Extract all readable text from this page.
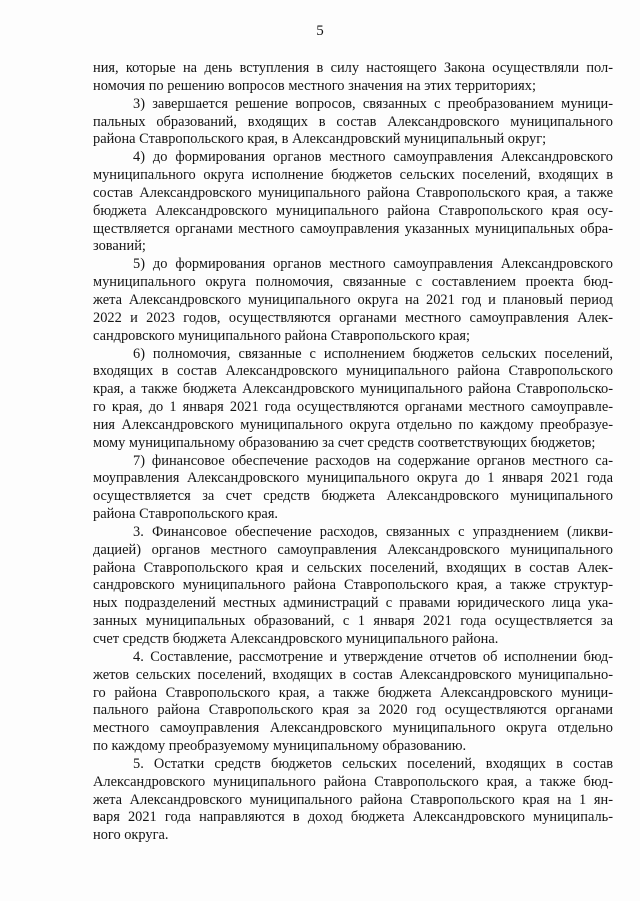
5
ния, которые на день вступления в силу настоящего Закона осуществляли пол-
номочия по решению вопросов местного значения на этих территориях;
3) завершается решение вопросов, связанных с преобразованием муници-
пальных образований, входящих в состав Александровского муниципального
района Ставропольского края, в Александровский муниципальный округ;
4) до формирования органов местного самоуправления Александровского
муниципального округа исполнение бюджетов сельских поселений, входящих в
состав Александровского муниципального района Ставропольского края, а также
бюджета Александровского муниципального района Ставропольского края осу-
ществляется органами местного самоуправления указанных муниципальных обра-
зований;
5) до формирования органов местного самоуправления Александровского
муниципального округа полномочия, связанные с составлением проекта бюд-
жета Александровского муниципального округа на 2021 год и плановый период
2022 и 2023 годов, осуществляются органами местного самоуправления Алек-
сандровского муниципального района Ставропольского края;
6) полномочия, связанные с исполнением бюджетов сельских поселений,
входящих в состав Александровского муниципального района Ставропольского
края, а также бюджета Александровского муниципального района Ставропольско-
го края, до 1 января 2021 года осуществляются органами местного самоуправле-
ния Александровского муниципального округа отдельно по каждому преобразуе-
мому муниципальному образованию за счет средств соответствующих бюджетов;
7) финансовое обеспечение расходов на содержание органов местного са-
моуправления Александровского муниципального округа до 1 января 2021 года
осуществляется за счет средств бюджета Александровского муниципального
района Ставропольского края.
3. Финансовое обеспечение расходов, связанных с упразднением (ликви-
дацией) органов местного самоуправления Александровского муниципального
района Ставропольского края и сельских поселений, входящих в состав Алек-
сандровского муниципального района Ставропольского края, а также структур-
ных подразделений местных администраций с правами юридического лица ука-
занных муниципальных образований, с 1 января 2021 года осуществляется за
счет средств бюджета Александровского муниципального района.
4. Составление, рассмотрение и утверждение отчетов об исполнении бюд-
жетов сельских поселений, входящих в состав Александровского муниципально-
го района Ставропольского края, а также бюджета Александровского муници-
пального района Ставропольского края за 2020 год осуществляются органами
местного самоуправления Александровского муниципального округа отдельно
по каждому преобразуемому муниципальному образованию.
5. Остатки средств бюджетов сельских поселений, входящих в состав
Александровского муниципального района Ставропольского края, а также бюд-
жета Александровского муниципального района Ставропольского края на 1 ян-
варя 2021 года направляются в доход бюджета Александровского муниципаль-
ного округа.
